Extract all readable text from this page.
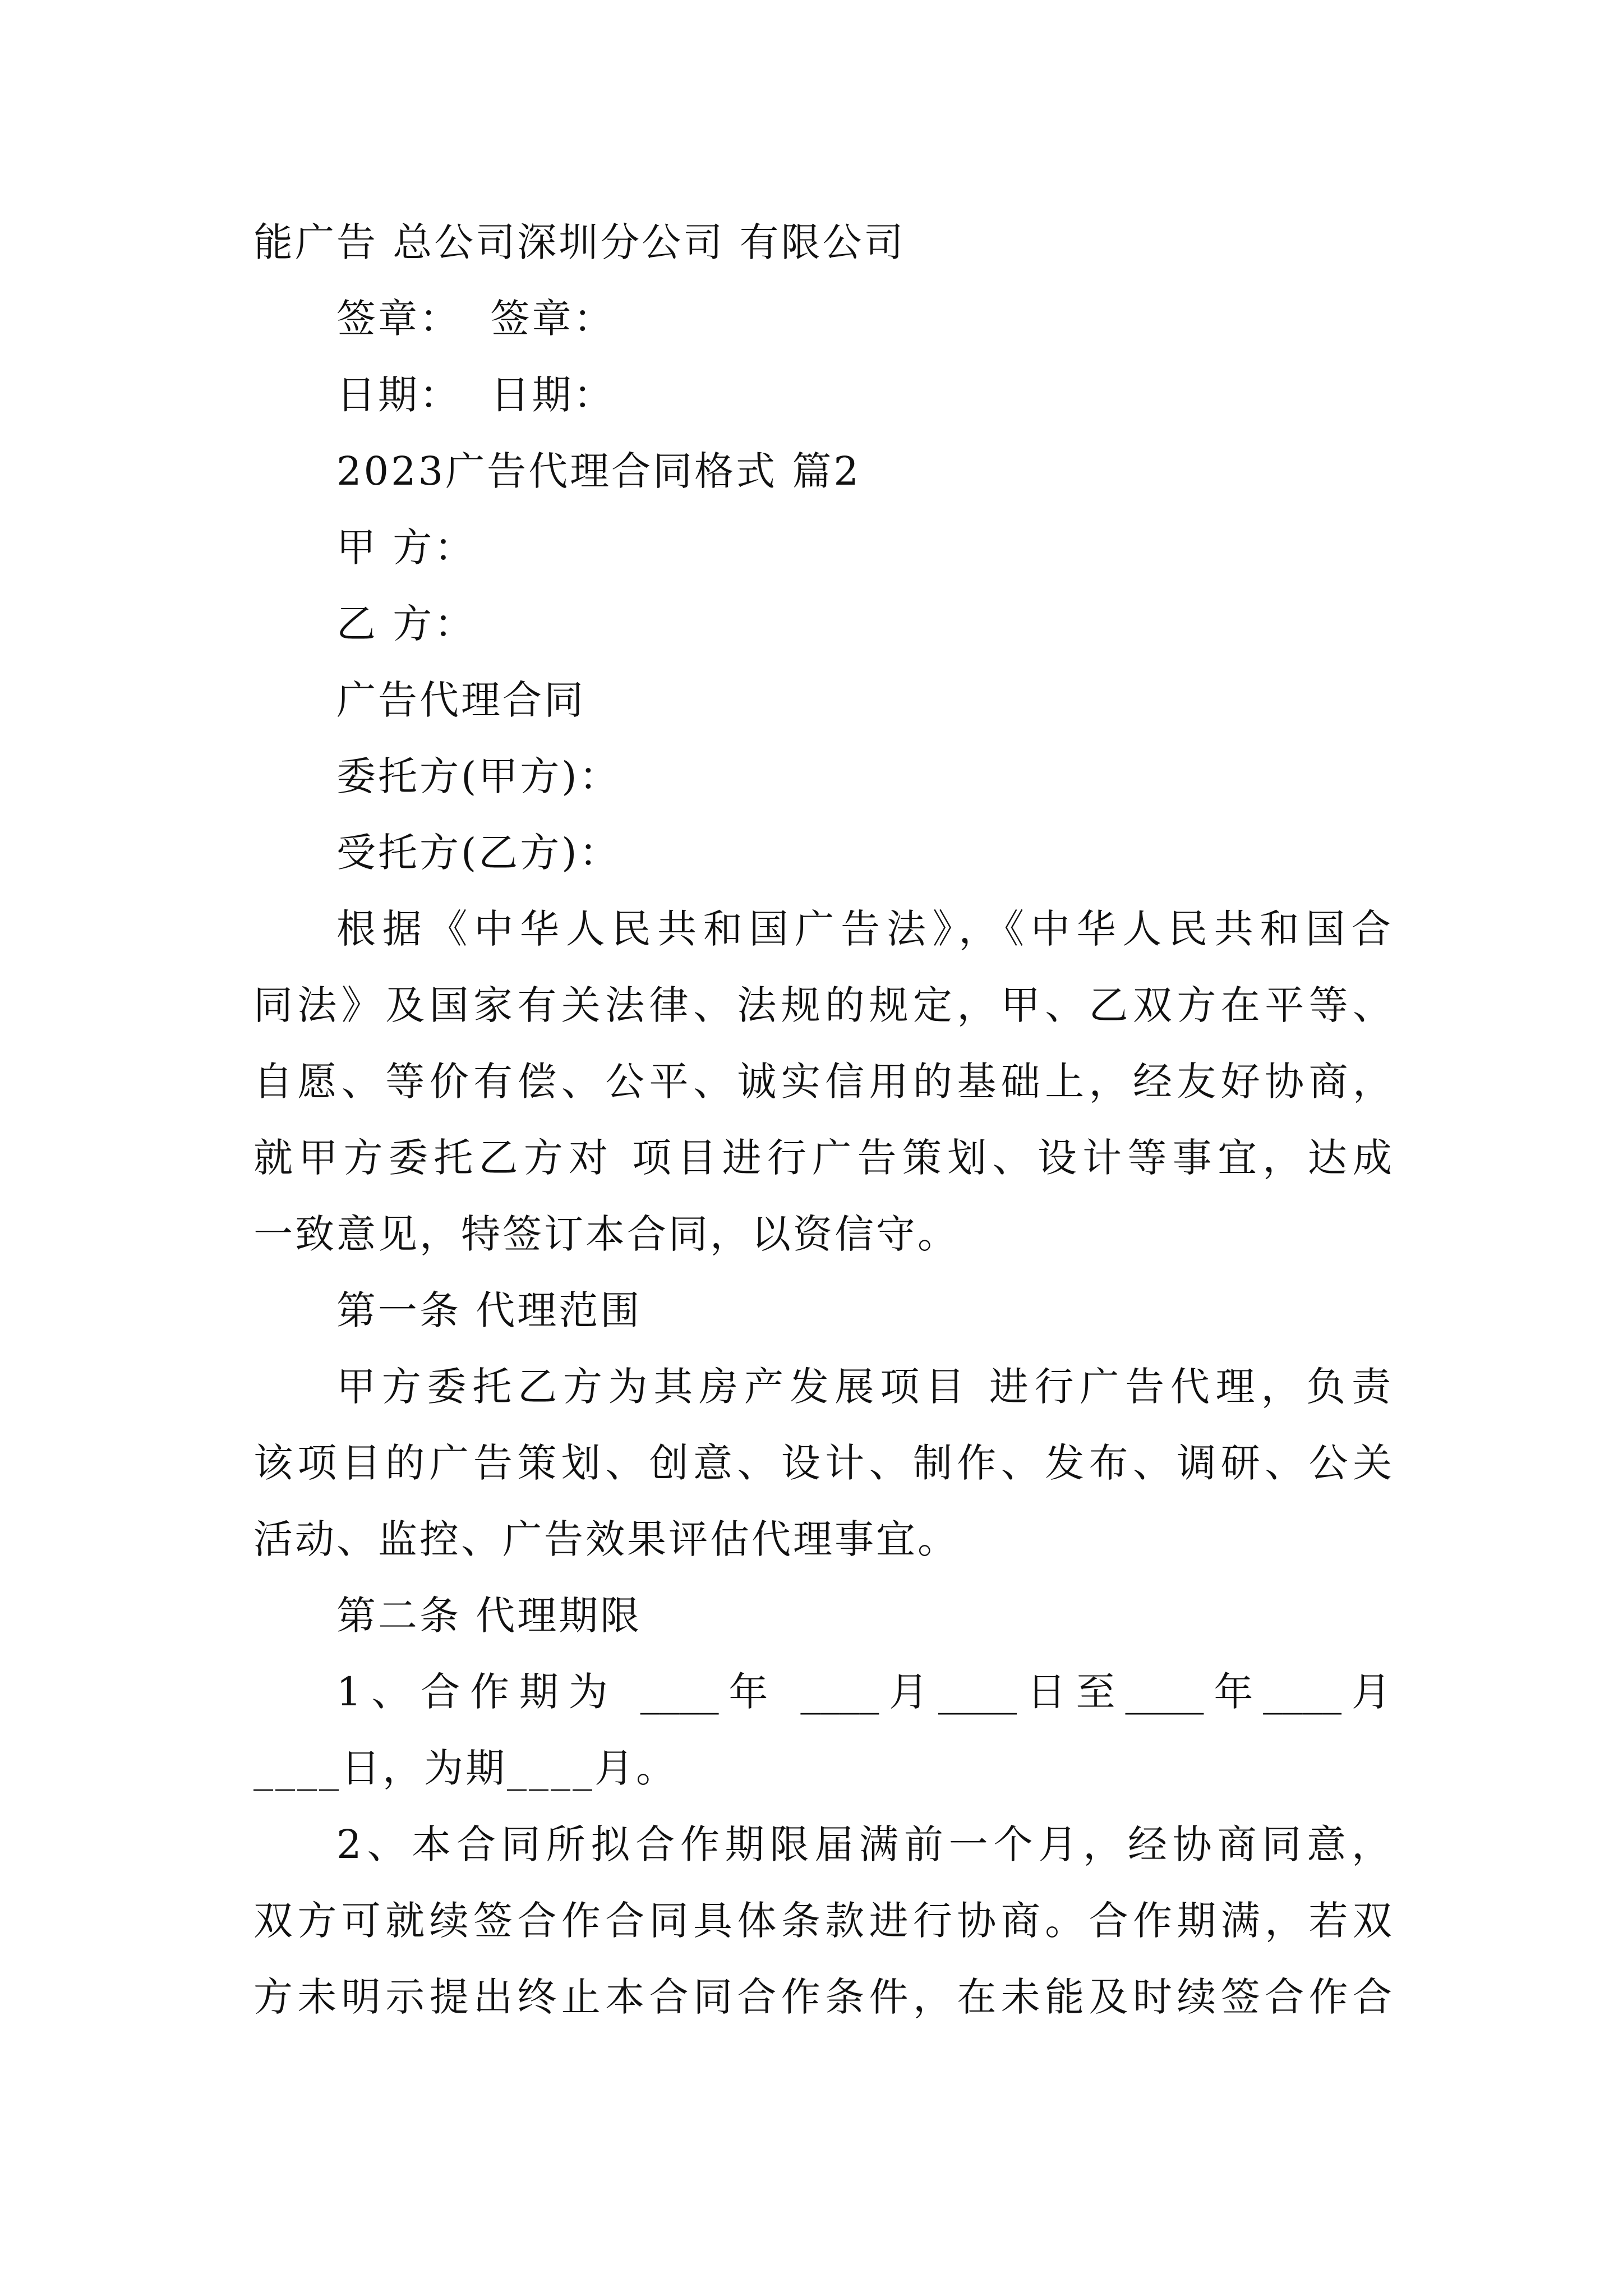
能广告 总公司深圳分公司 有限公司
签章：  签章：
日期：  日期：
2023广告代理合同格式 篇2
甲 方：
乙 方：
广告代理合同
委托方(甲方)：
受托方(乙方)：
根据《中华人民共和国广告法》，《中华人民共和国合
同法》及国家有关法律、法规的规定，甲、乙双方在平等、
自愿、等价有偿、公平、诚实信用的基础上，经友好协商，
就甲方委托乙方对 项目进行广告策划、设计等事宜，达成
一致意见，特签订本合同，以资信守。
第一条 代理范围
甲方委托乙方为其房产发展项目 进行广告代理，负责
该项目的广告策划、创意、设计、制作、发布、调研、公关
活动、监控、广告效果评估代理事宜。
第二条 代理期限
1、合作期为 ____年 ____月____日至____年____月
____日，为期____月。
2、本合同所拟合作期限届满前一个月，经协商同意，
双方可就续签合作合同具体条款进行协商。合作期满，若双
方未明示提出终止本合同合作条件，在未能及时续签合作合
